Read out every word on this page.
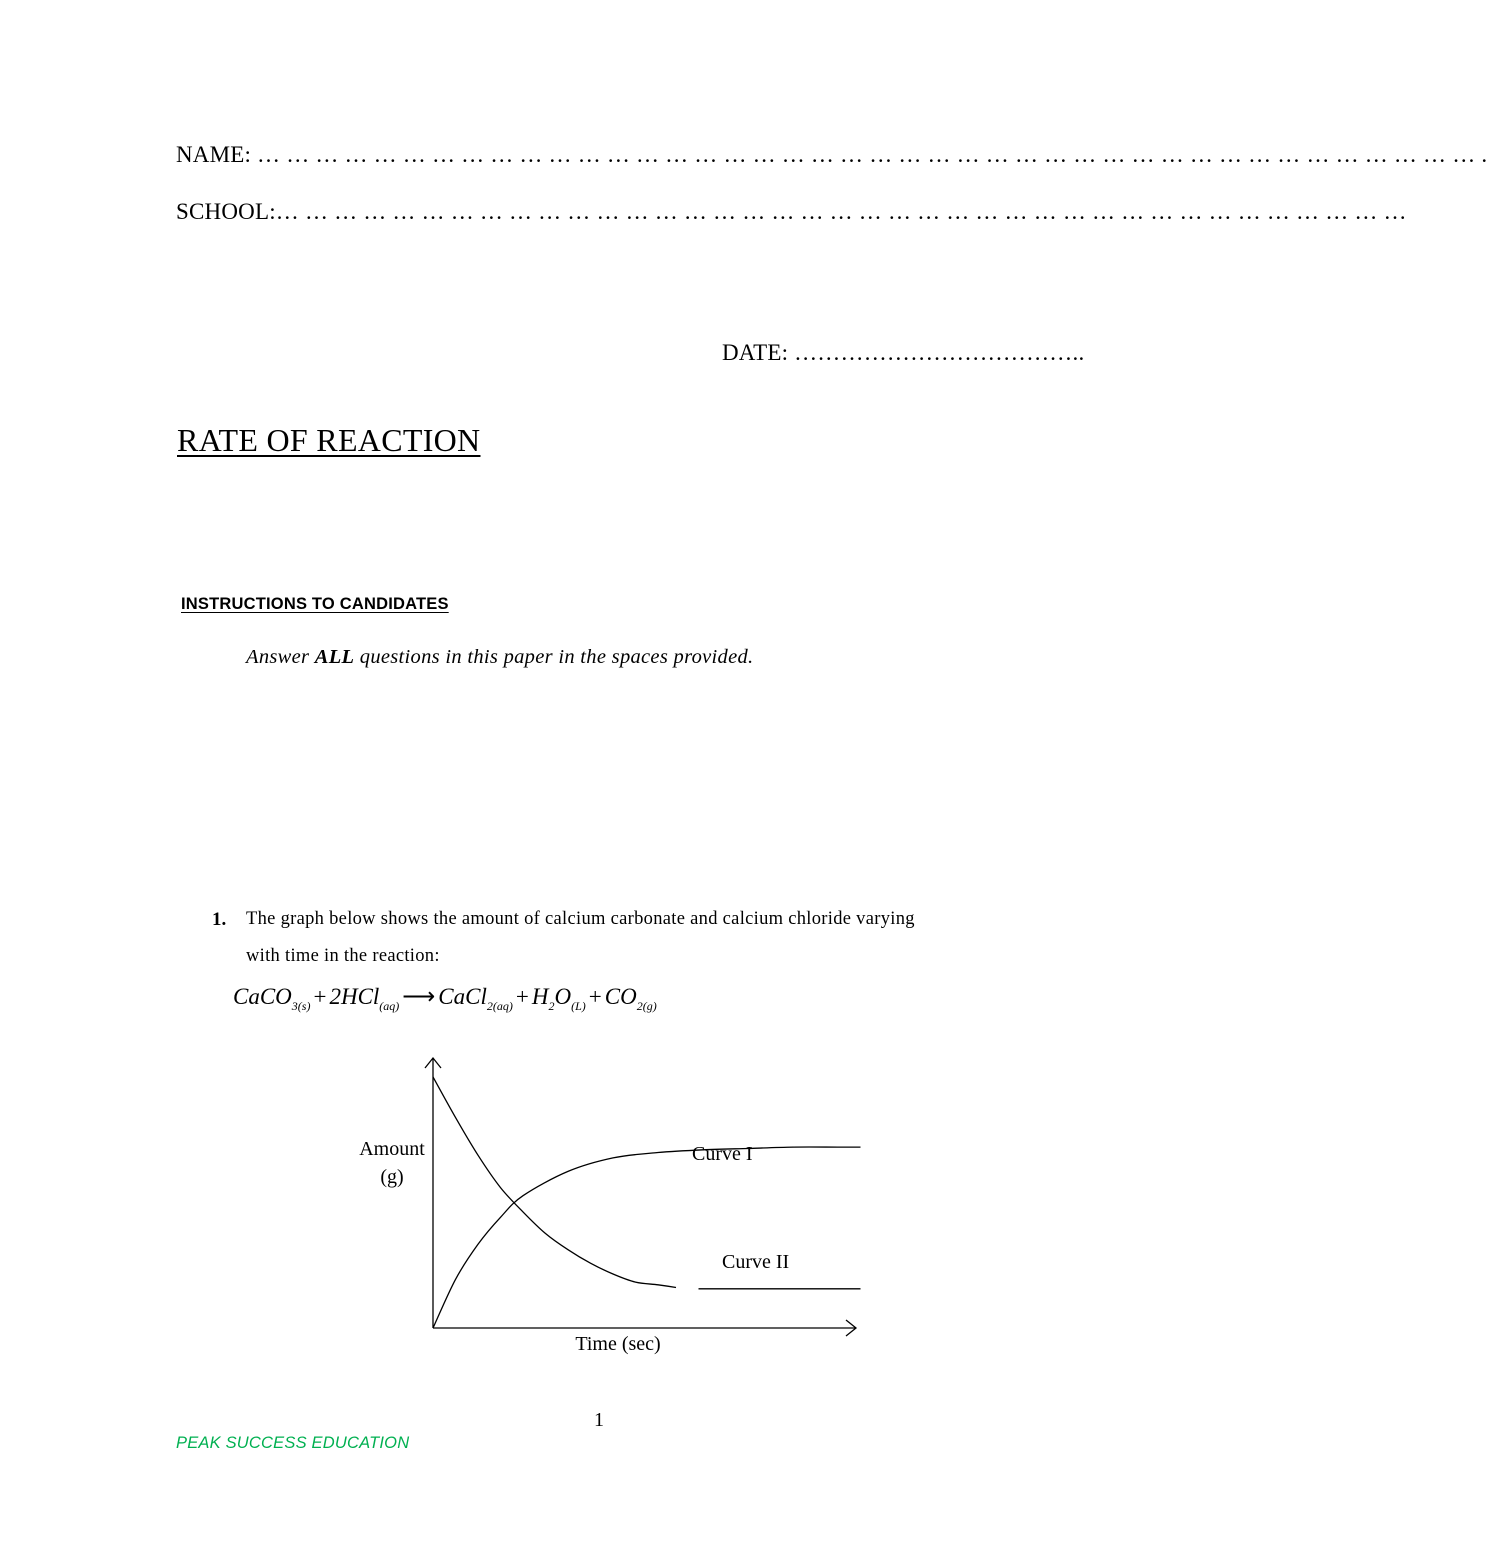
NAME: … … … … … … … … … … … … … … … … … … … … … … … … … … … … … … … … … … … … … … … … … … .
SCHOOL:… … … … … … … … … … … … … … … … … … … … … … … … … … … … … … … … … … … … … … …
DATE: ………………………………..
RATE OF REACTION
INSTRUCTIONS TO CANDIDATES
Answer ALL questions in this paper in the spaces provided.
1. The graph below shows the amount of calcium carbonate and calcium chloride varying
with time in the reaction:
CaCO$_{3(s)}$ + 2HCl$_{(aq)}$ ⟶ CaCl$_{2(aq)}$ + $H_2O_{(L)} + CO_{2(g)}$
Amount
(g)
Time (sec)
Curve I
Curve II
1
PEAK SUCCESS EDUCATION
